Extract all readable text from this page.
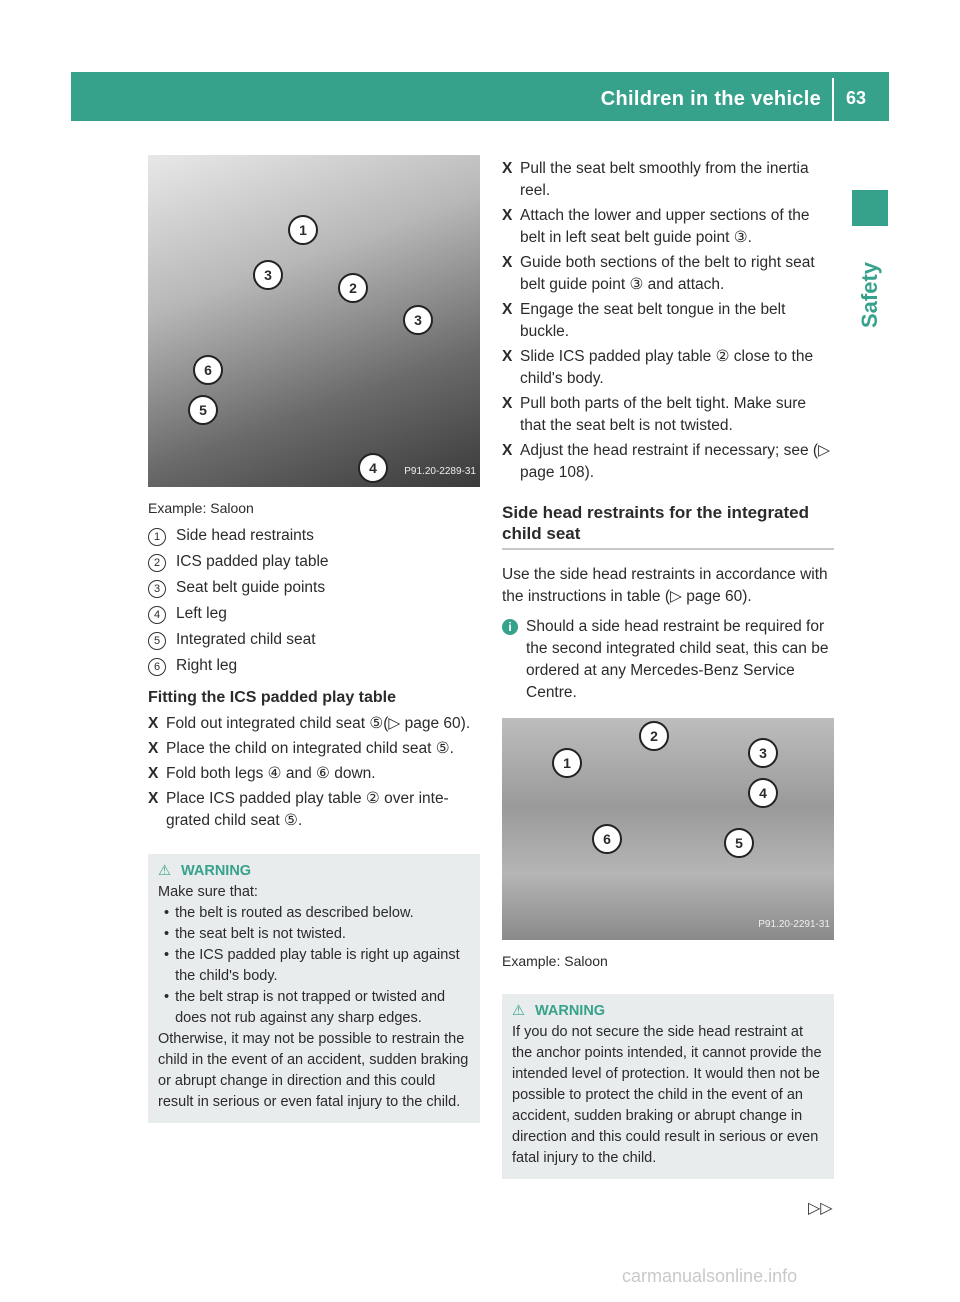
Children in the vehicle 63
Safety
1
3
2
3
6
5
4	P91.20-2289-31
Example: Saloon
1	Side head restraints
2	ICS padded play table
3	Seat belt guide points
4	Left leg
5	Integrated child seat
6	Right leg
Fitting the ICS padded play table
X Fold out integrated child seat ⑤(▷ page 60).
X Place the child on integrated child seat ⑤.
X Fold both legs ④ and ⑥ down.
X Place ICS padded play table ② over inte-grated child seat ⑤.
⚠ WARNING
Make sure that:
• the belt is routed as described below.
• the seat belt is not twisted.
• the ICS padded play table is right up against the child's body.
• the belt strap is not trapped or twisted and does not rub against any sharp edges.
Otherwise, it may not be possible to restrain the child in the event of an accident, sudden braking or abrupt change in direction and this could result in serious or even fatal injury to the child.
X Pull the seat belt smoothly from the inertia reel.
X Attach the lower and upper sections of the belt in left seat belt guide point ③.
X Guide both sections of the belt to right seat belt guide point ③ and attach.
X Engage the seat belt tongue in the belt buckle.
X Slide ICS padded play table ② close to the child's body.
X Pull both parts of the belt tight. Make sure that the seat belt is not twisted.
X Adjust the head restraint if necessary; see (▷ page 108).
Side head restraints for the integrated child seat

Use the side head restraints in accordance with the instructions in table (▷ page 60).

i Should a side head restraint be required for the second integrated child seat, this can be ordered at any Mercedes-Benz Service Centre.
1
2
3
4
6	5
P91.20-2291-31
Example: Saloon
⚠ WARNING
If you do not secure the side head restraint at the anchor points intended, it cannot provide the intended level of protection. It would then not be possible to protect the child in the event of an accident, sudden braking or abrupt change in direction and this could result in serious or even fatal injury to the child.
▷▷
carmanualsonline.info
